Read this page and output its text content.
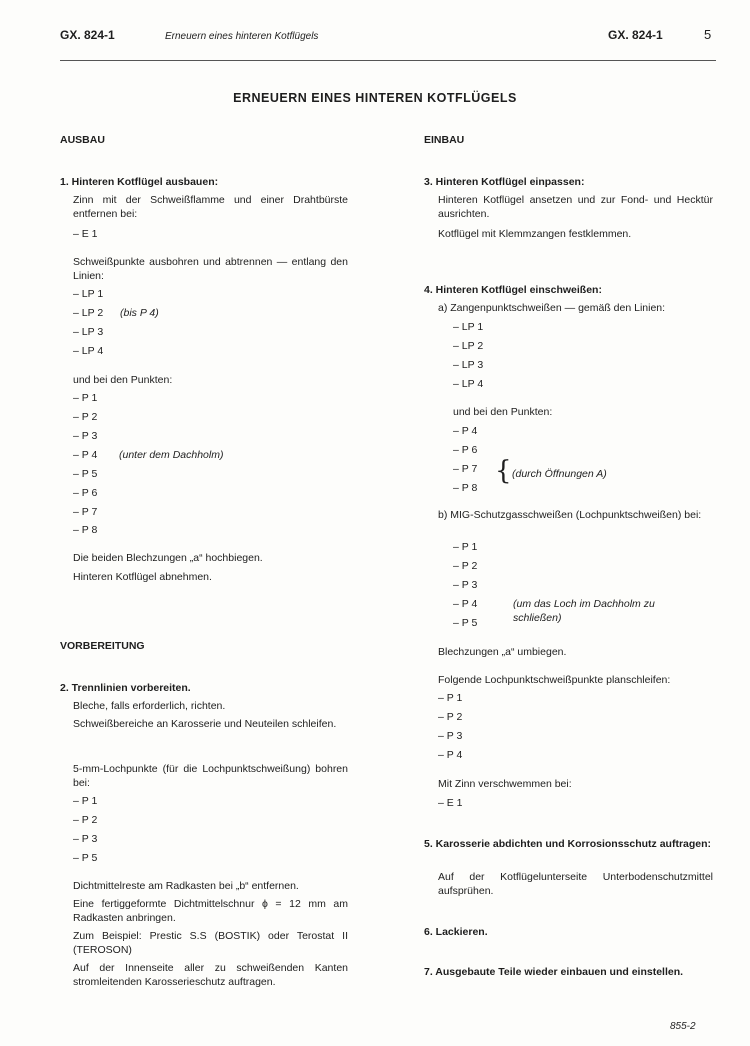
GX. 824-1	Erneuern eines hinteren Kotflügels	GX. 824-1	5
ERNEUERN EINES HINTEREN KOTFLÜGELS
AUSBAU
1. Hinteren Kotflügel ausbauen:
Zinn mit der Schweißflamme und einer Drahtbürste entfernen bei:
– E 1
Schweißpunkte ausbohren und abtrennen — entlang den Linien:
– LP 1
– LP 2 (bis P 4)
– LP 3
– LP 4
und bei den Punkten:
– P 1
– P 2
– P 3
– P 4 (unter dem Dachholm)
– P 5
– P 6
– P 7
– P 8
Die beiden Blechzungen „a“ hochbiegen.
Hinteren Kotflügel abnehmen.
VORBEREITUNG
2. Trennlinien vorbereiten.
Bleche, falls erforderlich, richten.
Schweißbereiche an Karosserie und Neuteilen schleifen.
5-mm-Lochpunkte (für die Lochpunktschweißung) bohren bei:
– P 1
– P 2
– P 3
– P 5
Dichtmittelreste am Radkasten bei „b“ entfernen.
Eine fertiggeformte Dichtmittelschnur ϕ = 12 mm am Radkasten anbringen.
Zum Beispiel: Prestic S.S (BOSTIK) oder Terostat II (TEROSON)
Auf der Innenseite aller zu schweißenden Kanten stromleitenden Karosserieschutz auftragen.
EINBAU
3. Hinteren Kotflügel einpassen:
Hinteren Kotflügel ansetzen und zur Fond- und Hecktür ausrichten.
Kotflügel mit Klemmzangen festklemmen.
4. Hinteren Kotflügel einschweißen:
a) Zangenpunktschweißen — gemäß den Linien:
– LP 1
– LP 2
– LP 3
– LP 4
und bei den Punkten:
– P 4
– P 6
– P 7
– P 8
{ (durch Öffnungen A)
b) MIG-Schutzgasschweißen (Lochpunktschweißen) bei:
– P 1
– P 2
– P 3
– P 4
– P 5
(um das Loch im Dachholm zu
schließen)
Blechzungen „a“ umbiegen.
Folgende Lochpunktschweißpunkte planschleifen:
– P 1
– P 2
– P 3
– P 4
Mit Zinn verschwemmen bei:
– E 1
5. Karosserie abdichten und Korrosionsschutz auftragen:
Auf der Kotflügelunterseite Unterbodenschutzmittel aufsprühen.
6. Lackieren.
7. Ausgebaute Teile wieder einbauen und einstellen.
855-2
